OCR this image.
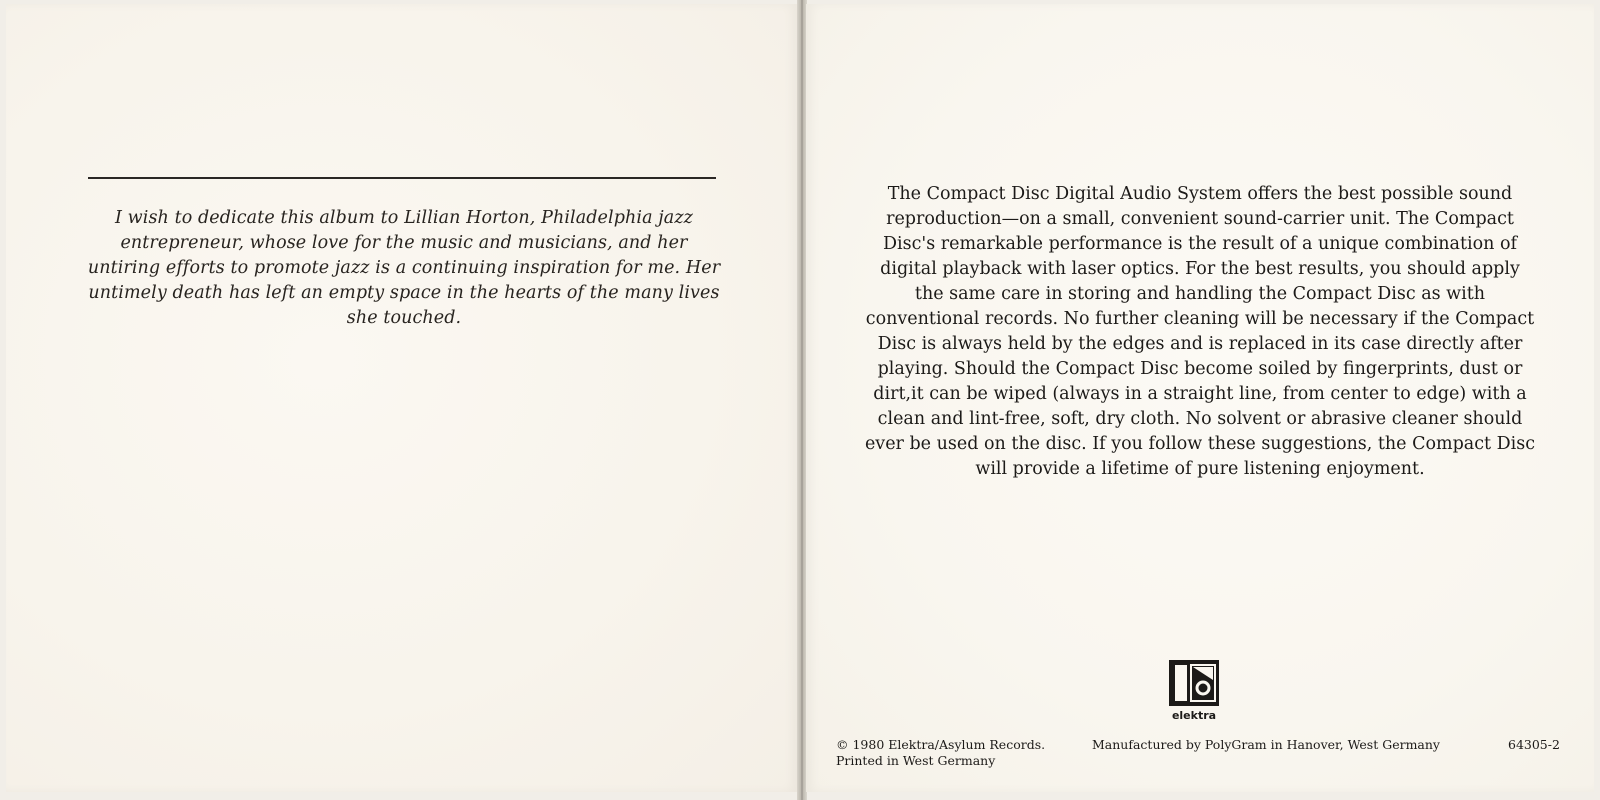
I wish to dedicate this album to Lillian Horton, Philadelphia jazz entrepreneur, whose love for the music and musicians, and her untiring efforts to promote jazz is a continuing inspiration for me. Her untimely death has left an empty space in the hearts of the many lives she touched.

The Compact Disc Digital Audio System offers the best possible sound reproduction—on a small, convenient sound-carrier unit. The Compact Disc's remarkable performance is the result of a unique combination of digital playback with laser optics. For the best results, you should apply the same care in storing and handling the Compact Disc as with conventional records. No further cleaning will be necessary if the Compact Disc is always held by the edges and is replaced in its case directly after playing. Should the Compact Disc become soiled by fingerprints, dust or dirt,it can be wiped (always in a straight line, from center to edge) with a clean and lint-free, soft, dry cloth. No solvent or abrasive cleaner should ever be used on the disc. If you follow these suggestions, the Compact Disc will provide a lifetime of pure listening enjoyment.

elektra
© 1980 Elektra/Asylum Records.
Printed in West Germany
Manufactured by PolyGram in Hanover, West Germany	64305-2
